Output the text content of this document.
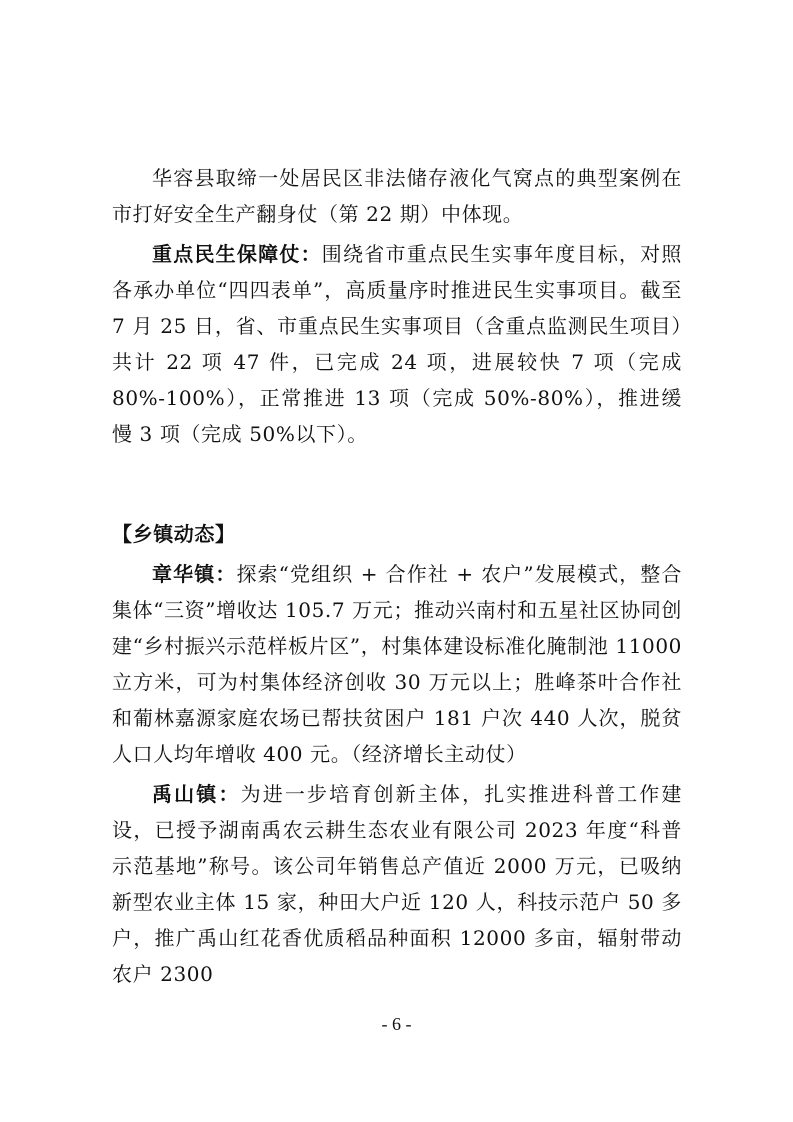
华容县取缔一处居民区非法储存液化气窝点的典型案例在市打好安全生产翻身仗（第 22 期）中体现。

重点民生保障仗：围绕省市重点民生实事年度目标，对照各承办单位“四四表单”，高质量序时推进民生实事项目。截至 7 月 25 日，省、市重点民生实事项目（含重点监测民生项目）共计 22 项 47 件，已完成 24 项，进展较快 7 项（完成 80%-100%），正常推进 13 项（完成 50%-80%），推进缓慢 3 项（完成 50%以下）。

【乡镇动态】

章华镇：探索“党组织 + 合作社 + 农户”发展模式，整合集体“三资”增收达 105.7 万元；推动兴南村和五星社区协同创建“乡村振兴示范样板片区”，村集体建设标准化腌制池 11000 立方米，可为村集体经济创收 30 万元以上；胜峰茶叶合作社和葡林嘉源家庭农场已帮扶贫困户 181 户次 440 人次，脱贫人口人均年增收 400 元。（经济增长主动仗）

禹山镇：为进一步培育创新主体，扎实推进科普工作建设，已授予湖南禹农云耕生态农业有限公司 2023 年度“科普示范基地”称号。该公司年销售总产值近 2000 万元，已吸纳新型农业主体 15 家，种田大户近 120 人，科技示范户 50 多户，推广禹山红花香优质稻品种面积 12000 多亩，辐射带动农户 2300

- 6 -
